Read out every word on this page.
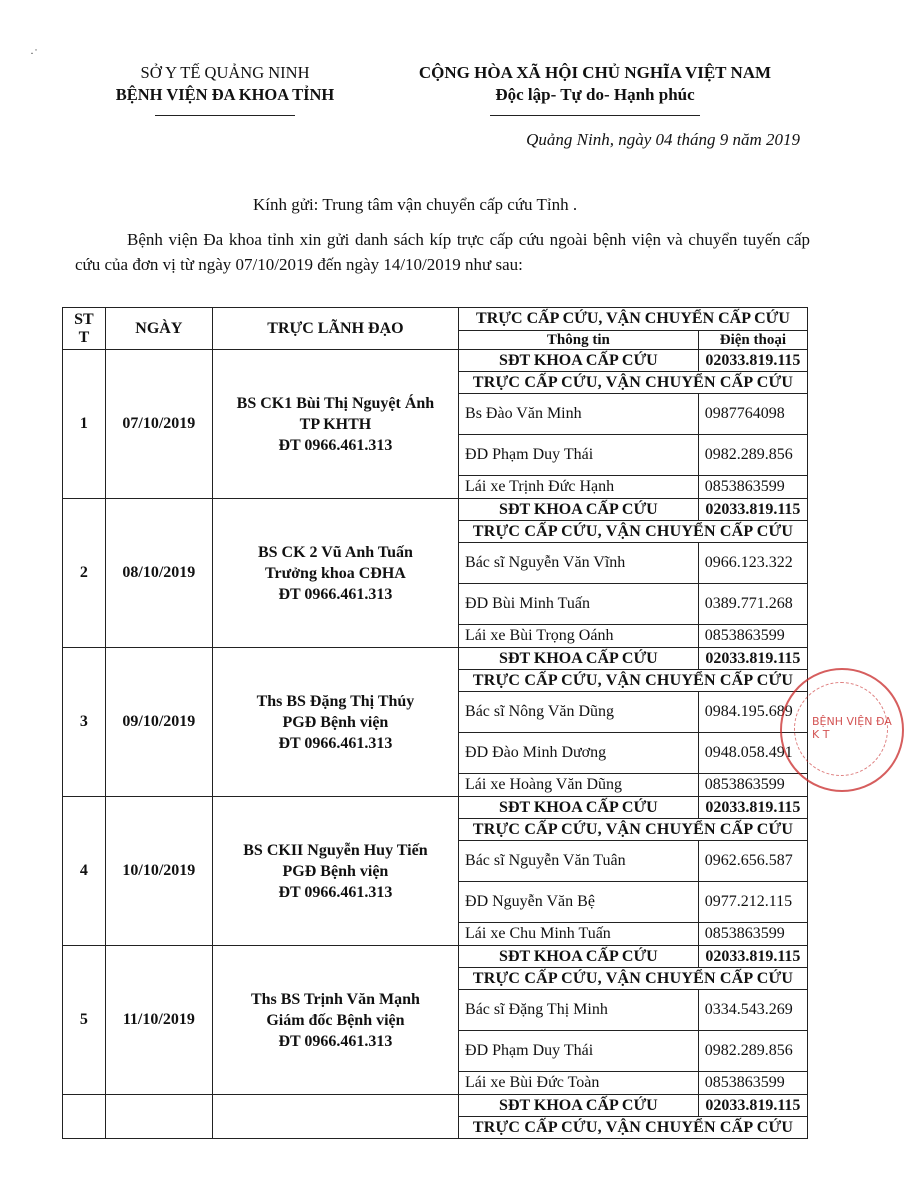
·˙
SỞ Y TẾ QUẢNG NINH
BỆNH VIỆN ĐA KHOA TỈNH
CỘNG HÒA XÃ HỘI CHỦ NGHĨA VIỆT NAM
Độc lập- Tự do- Hạnh phúc
Quảng Ninh, ngày 04 tháng 9 năm 2019
Kính gửi: Trung tâm vận chuyển cấp cứu Tỉnh .
Bệnh viện Đa khoa tỉnh xin gửi danh sách kíp trực cấp cứu ngoài bệnh viện và chuyển tuyến cấp cứu của đơn vị từ ngày 07/10/2019 đến ngày 14/10/2019 như sau:
ST T	NGÀY	TRỰC LÃNH ĐẠO	TRỰC CẤP CỨU, VẬN CHUYỂN CẤP CỨU	
			Thông tin	Điện thoại
1	07/10/2019	BS CK1 Bùi Thị Nguyệt Ánh
TP KHTH
ĐT 0966.461.313	SĐT KHOA CẤP CỨU	02033.819.115
			TRỰC CẤP CỨU, VẬN CHUYỂN CẤP CỨU	
			Bs Đào Văn Minh	0987764098
			ĐD Phạm Duy Thái	0982.289.856
			Lái xe Trịnh Đức Hạnh	0853863599
2	08/10/2019	BS CK 2 Vũ Anh Tuấn
Trưởng khoa CĐHA
ĐT 0966.461.313	SĐT KHOA CẤP CỨU	02033.819.115
			TRỰC CẤP CỨU, VẬN CHUYỂN CẤP CỨU	
			Bác sĩ Nguyễn Văn Vĩnh	0966.123.322
			ĐD Bùi Minh Tuấn	0389.771.268
			Lái xe Bùi Trọng Oánh	0853863599
3	09/10/2019	Ths BS Đặng Thị Thúy
PGĐ Bệnh viện
ĐT 0966.461.313	SĐT KHOA CẤP CỨU	02033.819.115
			TRỰC CẤP CỨU, VẬN CHUYỂN CẤP CỨU	
			Bác sĩ Nông Văn Dũng	0984.195.689
			ĐD Đào Minh Dương	0948.058.491
			Lái xe Hoàng Văn Dũng	0853863599
4	10/10/2019	BS CKII Nguyễn Huy Tiến
PGĐ Bệnh viện
ĐT 0966.461.313	SĐT KHOA CẤP CỨU	02033.819.115
			TRỰC CẤP CỨU, VẬN CHUYỂN CẤP CỨU	
			Bác sĩ Nguyễn Văn Tuân	0962.656.587
			ĐD Nguyễn Văn Bệ	0977.212.115
			Lái xe Chu Minh Tuấn	0853863599
5	11/10/2019	Ths BS Trịnh Văn Mạnh
Giám đốc Bệnh viện
ĐT 0966.461.313	SĐT KHOA CẤP CỨU	02033.819.115
			TRỰC CẤP CỨU, VẬN CHUYỂN CẤP CỨU	
			Bác sĩ Đặng Thị Minh	0334.543.269
			ĐD Phạm Duy Thái	0982.289.856
			Lái xe Bùi Đức Toàn	0853863599
			SĐT KHOA CẤP CỨU	02033.819.115
			TRỰC CẤP CỨU, VẬN CHUYỂN CẤP CỨU	
BỆNH VIỆN ĐA K T
